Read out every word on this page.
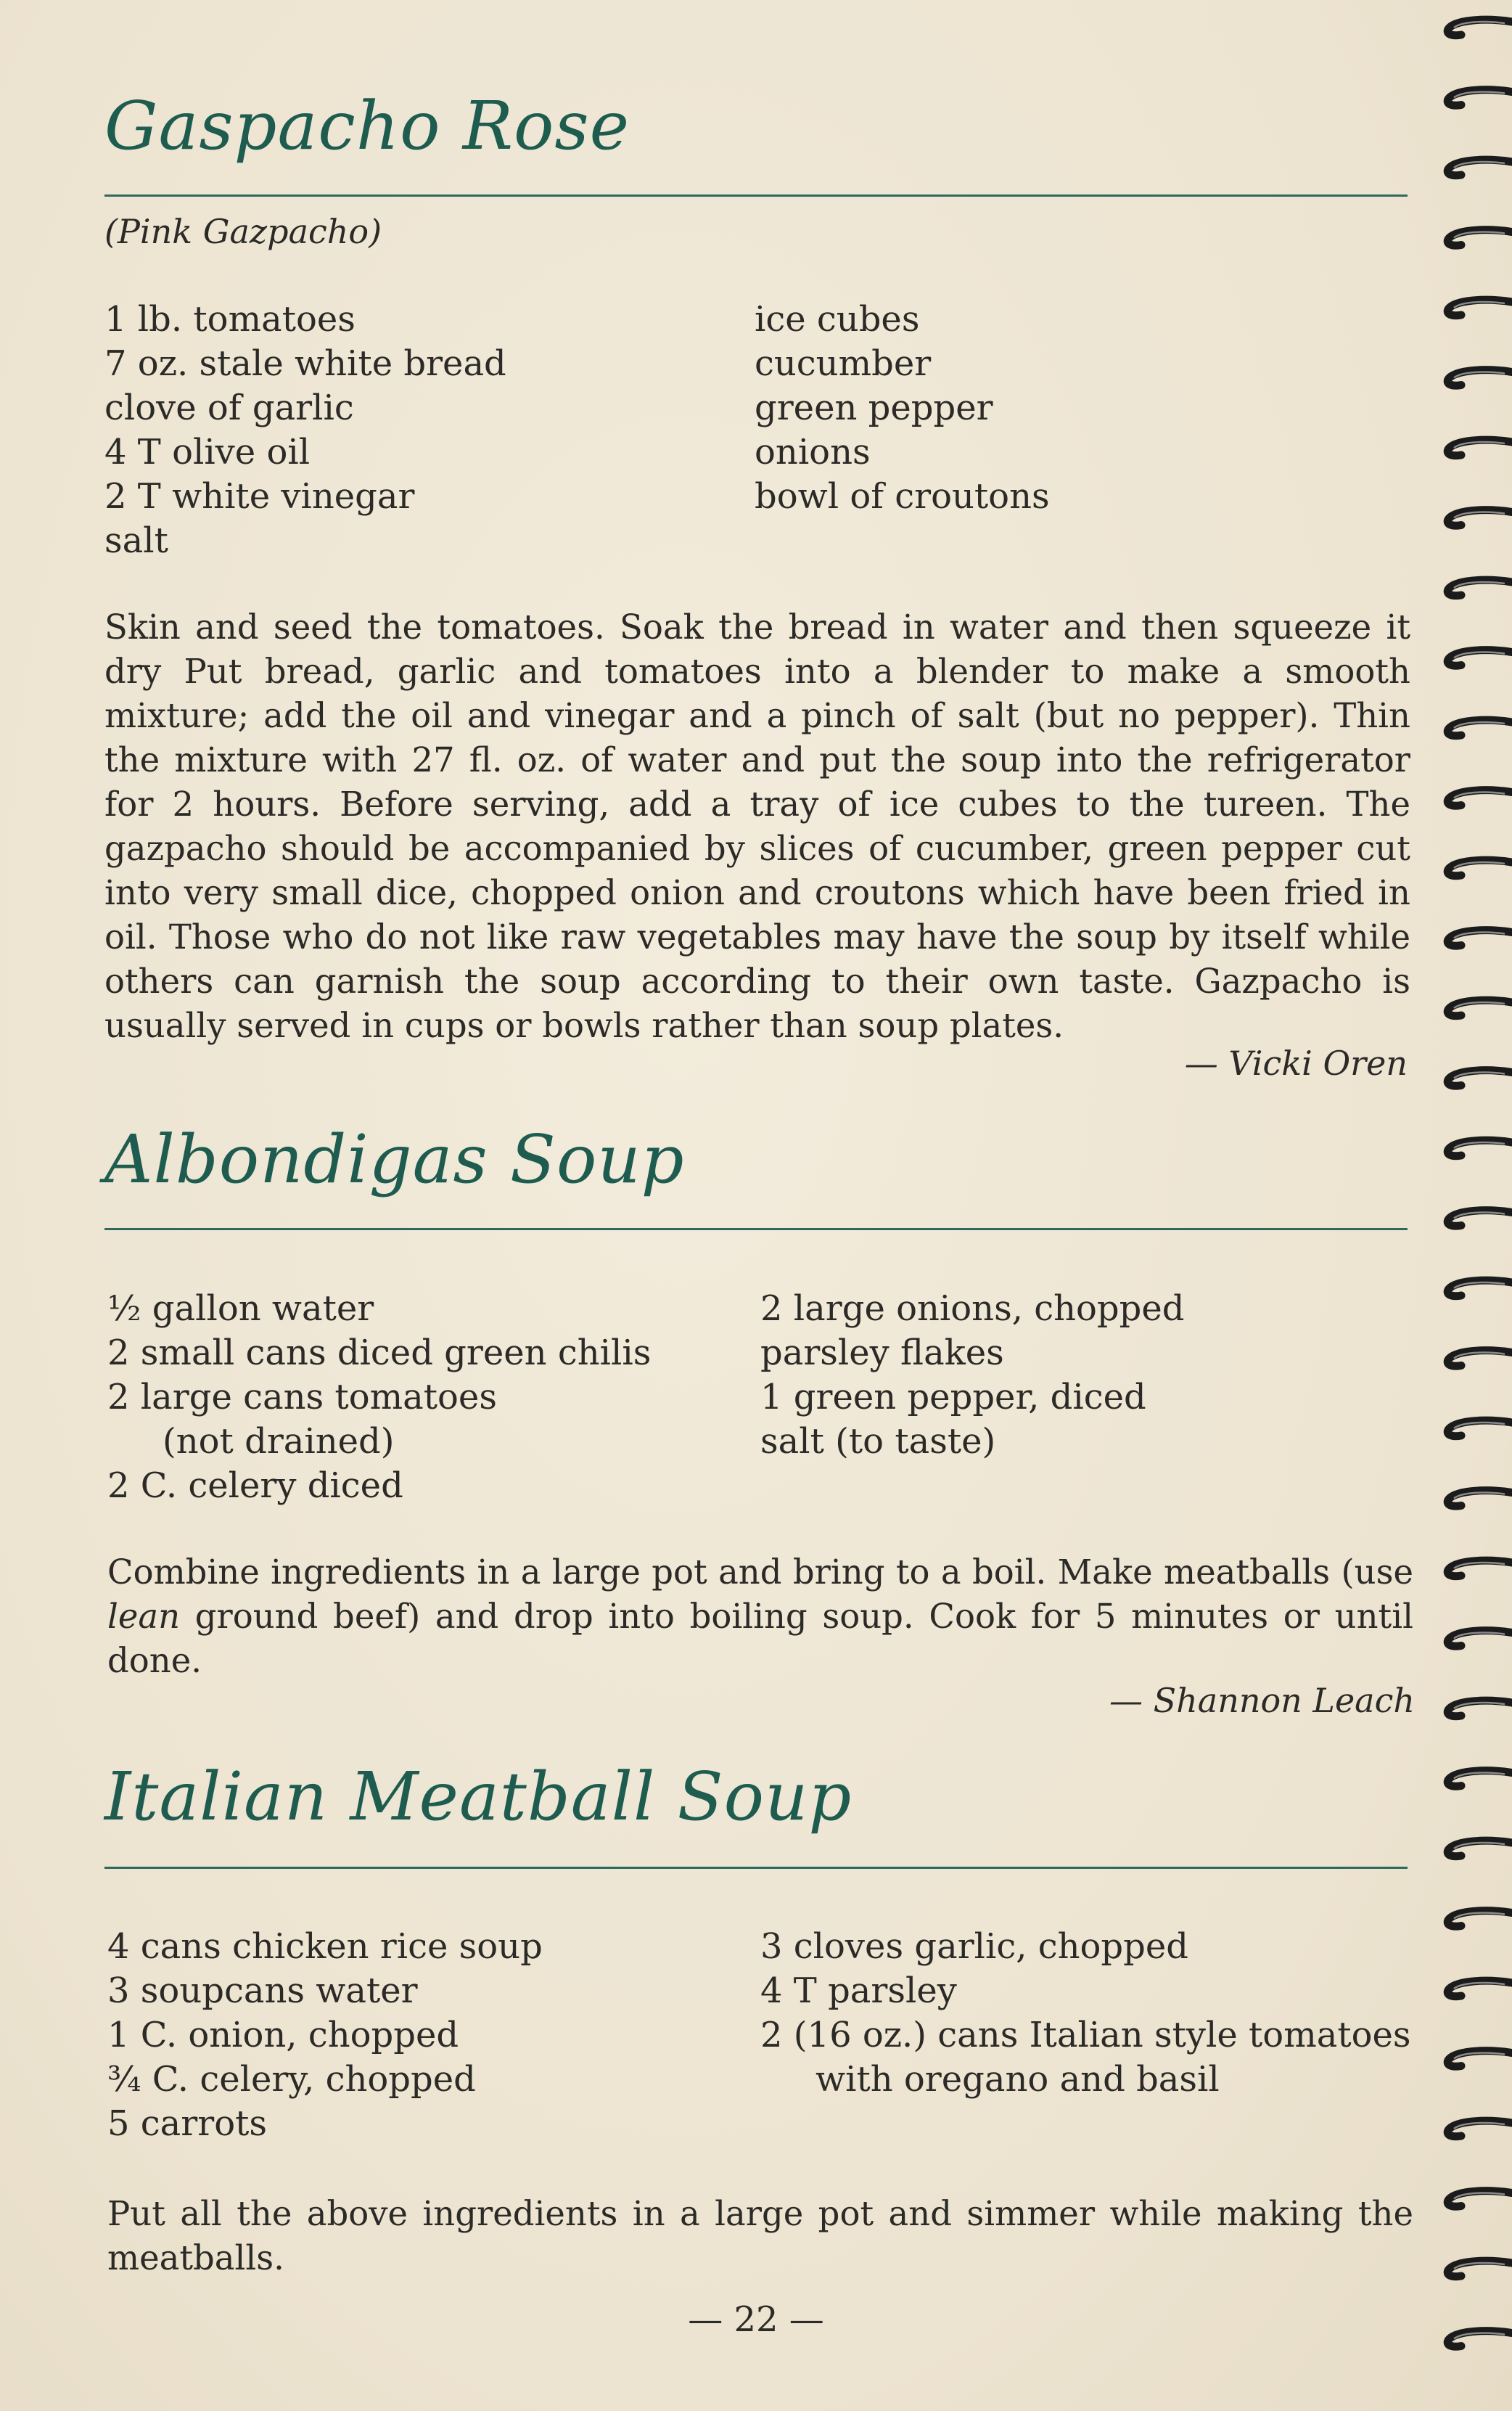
Gaspacho Rose
(Pink Gazpacho)
1 lb. tomatoes
7 oz. stale white bread
clove of garlic
4 T olive oil
2 T white vinegar
salt
ice cubes
cucumber
green pepper
onions
bowl of croutons

Skin and seed the tomatoes. Soak the bread in water and then squeeze it dry Put bread, garlic and tomatoes into a blender to make a smooth mixture; add the oil and vinegar and a pinch of salt (but no pepper). Thin the mixture with 27 fl. oz. of water and put the soup into the refrigerator for 2 hours. Before serving, add a tray of ice cubes to the tureen. The gazpacho should be accompanied by slices of cucumber, green pepper cut into very small dice, chopped onion and croutons which have been fried in oil. Those who do not like raw vegetables may have the soup by itself while others can garnish the soup according to their own taste. Gazpacho is usually served in cups or bowls rather than soup plates.

— Vicki Oren
Albondigas Soup
½ gallon water
2 small cans diced green chilis
2 large cans tomatoes
(not drained)
2 C. celery diced
2 large onions, chopped
parsley flakes
1 green pepper, diced
salt (to taste)

Combine ingredients in a large pot and bring to a boil. Make meatballs (use lean ground beef) and drop into boiling soup. Cook for 5 minutes or until done.

— Shannon Leach
Italian Meatball Soup
4 cans chicken rice soup
3 soupcans water
1 C. onion, chopped
¾ C. celery, chopped
5 carrots
3 cloves garlic, chopped
4 T parsley
2 (16 oz.) cans Italian style tomatoes
with oregano and basil

Put all the above ingredients in a large pot and simmer while making the meatballs.

— 22 —
